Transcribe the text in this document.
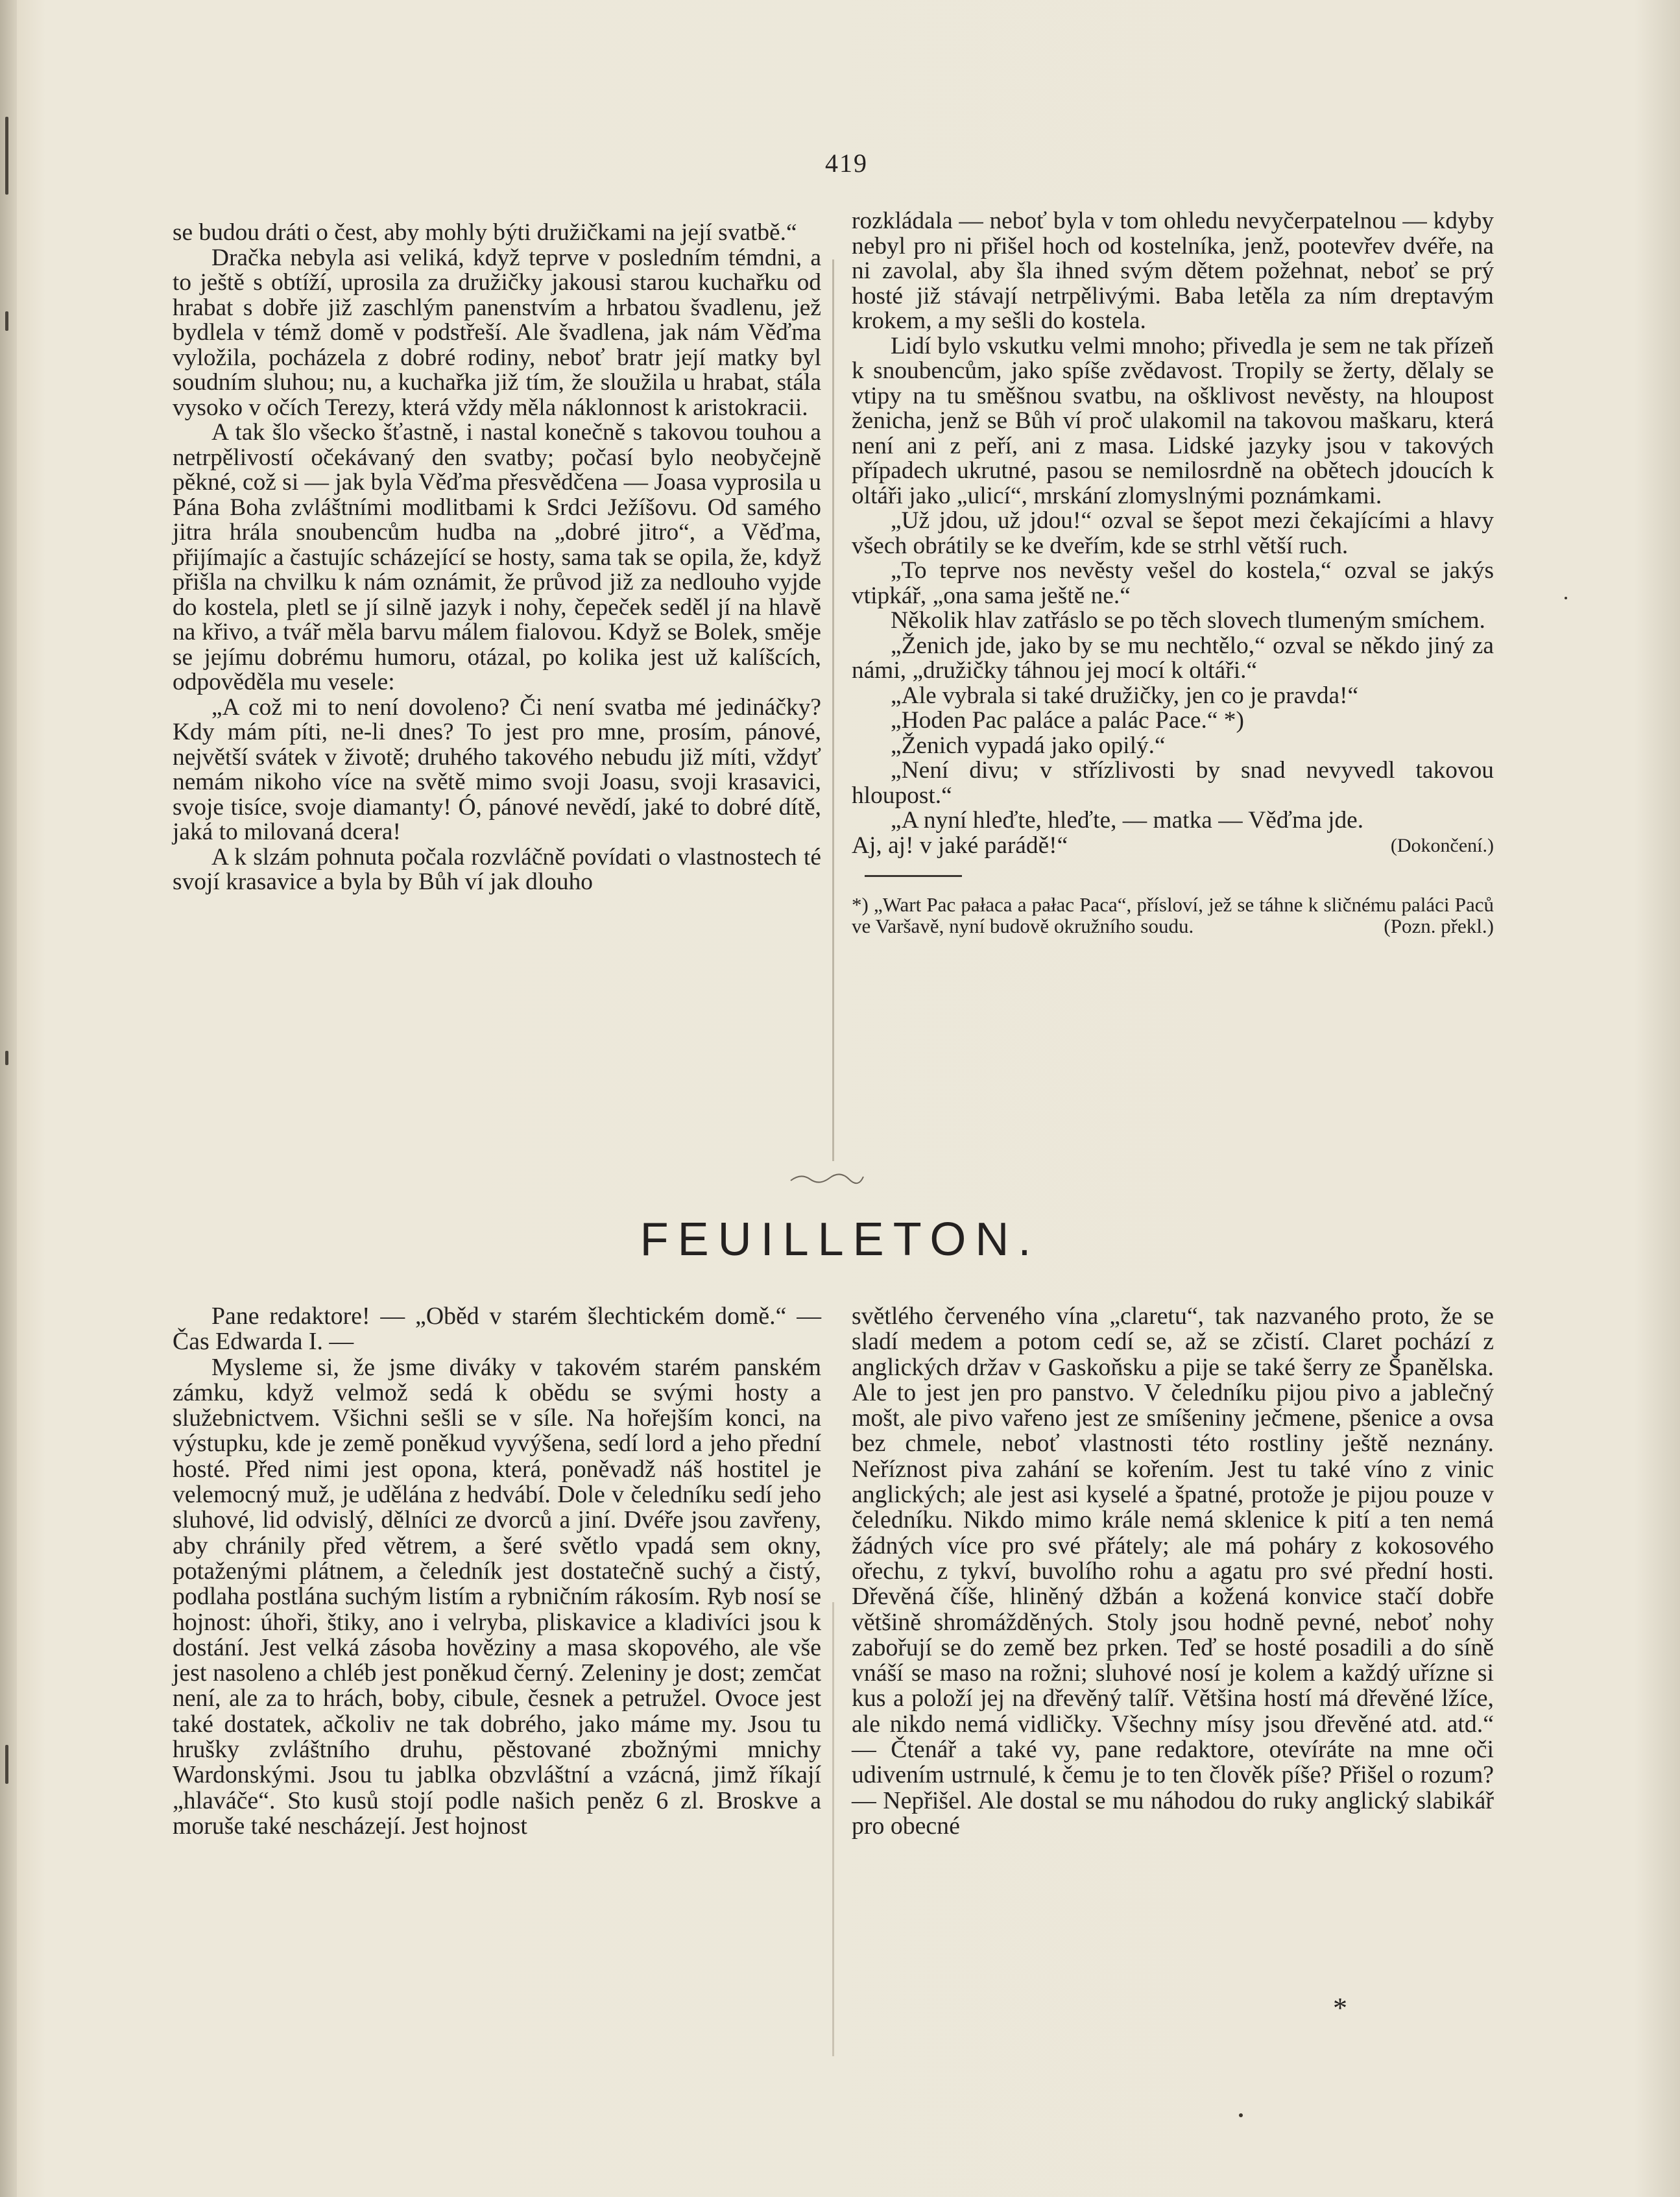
419

se budou dráti o čest, aby mohly býti družičkami na její svatbě.“

Dračka nebyla asi veliká, když teprve v posledním témdni, a to ještě s obtíží, uprosila za družičky jakousi starou kuchařku od hrabat s dobře již zaschlým panenstvím a hrbatou švadlenu, jež bydlela v témž domě v podstřeší. Ale švadlena, jak nám Věďma vyložila, pocházela z dobré rodiny, neboť bratr její matky byl soudním sluhou; nu, a kuchařka již tím, že sloužila u hrabat, stála vysoko v očích Terezy, která vždy měla náklonnost k aristokracii.

A tak šlo všecko šťastně, i nastal konečně s takovou touhou a netrpělivostí očekávaný den svatby; počasí bylo neobyčejně pěkné, což si — jak byla Věďma přesvědčena — Joasa vyprosila u Pána Boha zvláštními modlitbami k Srdci Ježíšovu. Od samého jitra hrála snoubencům hudba na „dobré jitro“, a Věďma, přijímajíc a častujíc scházející se hosty, sama tak se opila, že, když přišla na chvilku k nám oznámit, že průvod již za nedlouho vyjde do kostela, pletl se jí silně jazyk i nohy, čepeček seděl jí na hlavě na křivo, a tvář měla barvu málem fialovou. Když se Bolek, směje se jejímu dobrému humoru, otázal, po kolika jest už kalíšcích, odpověděla mu vesele:

„A což mi to není dovoleno? Či není svatba mé jedináčky? Kdy mám píti, ne-li dnes? To jest pro mne, prosím, pánové, největší svátek v životě; druhého takového nebudu již míti, vždyť nemám nikoho více na světě mimo svoji Joasu, svoji krasavici, svoje tisíce, svoje diamanty! Ó, pánové nevědí, jaké to dobré dítě, jaká to milovaná dcera!

A k slzám pohnuta počala rozvláčně povídati o vlastnostech té svojí krasavice a byla by Bůh ví jak dlouho

rozkládala — neboť byla v tom ohledu nevyčerpatelnou — kdyby nebyl pro ni přišel hoch od kostelníka, jenž, pootevřev dvéře, na ni zavolal, aby šla ihned svým dětem požehnat, neboť se prý hosté již stávají netrpělivými. Baba letěla za ním dreptavým krokem, a my sešli do kostela.

Lidí bylo vskutku velmi mnoho; přivedla je sem ne tak přízeň k snoubencům, jako spíše zvědavost. Tropily se žerty, dělaly se vtipy na tu směšnou svatbu, na ošklivost nevěsty, na hloupost ženicha, jenž se Bůh ví proč ulakomil na takovou maškaru, která není ani z peří, ani z masa. Lidské jazyky jsou v takových případech ukrutné, pasou se nemilosrdně na obětech jdoucích k oltáři jako „ulicí“, mrskání zlomyslnými poznámkami.

„Už jdou, už jdou!“ ozval se šepot mezi čekajícími a hlavy všech obrátily se ke dveřím, kde se strhl větší ruch.

„To teprve nos nevěsty vešel do kostela,“ ozval se jakýs vtipkář, „ona sama ještě ne.“

Několik hlav zatřáslo se po těch slovech tlumeným smíchem.

„Ženich jde, jako by se mu nechtělo,“ ozval se někdo jiný za námi, „družičky táhnou jej mocí k oltáři.“

„Ale vybrala si také družičky, jen co je pravda!“

„Hoden Pac paláce a palác Pace.“ *)

„Ženich vypadá jako opilý.“

„Není divu; v střízlivosti by snad nevyvedl takovou hloupost.“

„A nyní hleďte, hleďte, — matka — Věďma jde.

Aj, aj! v jaké parádě!“	(Dokončení.)

*) „Wart Pac pałaca a pałac Paca“, přísloví, jež se táhne k sličnému paláci Paců ve Varšavě, nyní budově okružního soudu.	(Pozn. překl.)

FEUILLETON.

Pane redaktore! — „Oběd v starém šlechtickém domě.“ — Čas Edwarda I. —

Mysleme si, že jsme diváky v takovém starém panském zámku, když velmož sedá k obědu se svými hosty a služebnictvem. Všichni sešli se v síle. Na hořejším konci, na výstupku, kde je země poněkud vyvýšena, sedí lord a jeho přední hosté. Před nimi jest opona, která, poněvadž náš hostitel je velemocný muž, je udělána z hedvábí. Dole v čeledníku sedí jeho sluhové, lid odvislý, dělníci ze dvorců a jiní. Dvéře jsou zavřeny, aby chránily před větrem, a šeré světlo vpadá sem okny, potaženými plátnem, a čeledník jest dostatečně suchý a čistý, podlaha postlána suchým listím a rybničním rákosím. Ryb nosí se hojnost: úhoři, štiky, ano i velryba, pliskavice a kladivíci jsou k dostání. Jest velká zásoba hověziny a masa skopového, ale vše jest nasoleno a chléb jest poněkud černý. Zeleniny je dost; zemčat není, ale za to hrách, boby, cibule, česnek a petružel. Ovoce jest také dostatek, ačkoliv ne tak dobrého, jako máme my. Jsou tu hrušky zvláštního druhu, pěstované zbožnými mnichy Wardonskými. Jsou tu jablka obzvláštní a vzácná, jimž říkají „hlaváče“. Sto kusů stojí podle našich peněz 6 zl. Broskve a moruše také nescházejí. Jest hojnost

světlého červeného vína „claretu“, tak nazvaného proto, že se sladí medem a potom cedí se, až se zčistí. Claret pochází z anglických držav v Gaskoňsku a pije se také šerry ze Španělska. Ale to jest jen pro panstvo. V čeledníku pijou pivo a jablečný mošt, ale pivo vařeno jest ze smíšeniny ječmene, pšenice a ovsa bez chmele, neboť vlastnosti této rostliny ještě neznány. Neříznost piva zahání se kořením. Jest tu také víno z vinic anglických; ale jest asi kyselé a špatné, protože je pijou pouze v čeledníku. Nikdo mimo krále nemá sklenice k pití a ten nemá žádných více pro své přátely; ale má poháry z kokosového ořechu, z tykví, buvolího rohu a agatu pro své přední hosti. Dřevěná číše, hliněný džbán a kožená konvice stačí dobře většině shromážděných. Stoly jsou hodně pevné, neboť nohy zabořují se do země bez prken. Teď se hosté posadili a do síně vnáší se maso na rožni; sluhové nosí je kolem a každý uřízne si kus a položí jej na dřevěný talíř. Většina hostí má dřevěné lžíce, ale nikdo nemá vidličky. Všechny mísy jsou dřevěné atd. atd.“ — Čtenář a také vy, pane redaktore, otevíráte na mne oči udivením ustrnulé, k čemu je to ten člověk píše? Přišel o rozum? — Nepřišel. Ale dostal se mu náhodou do ruky anglický slabikář pro obecné

*
